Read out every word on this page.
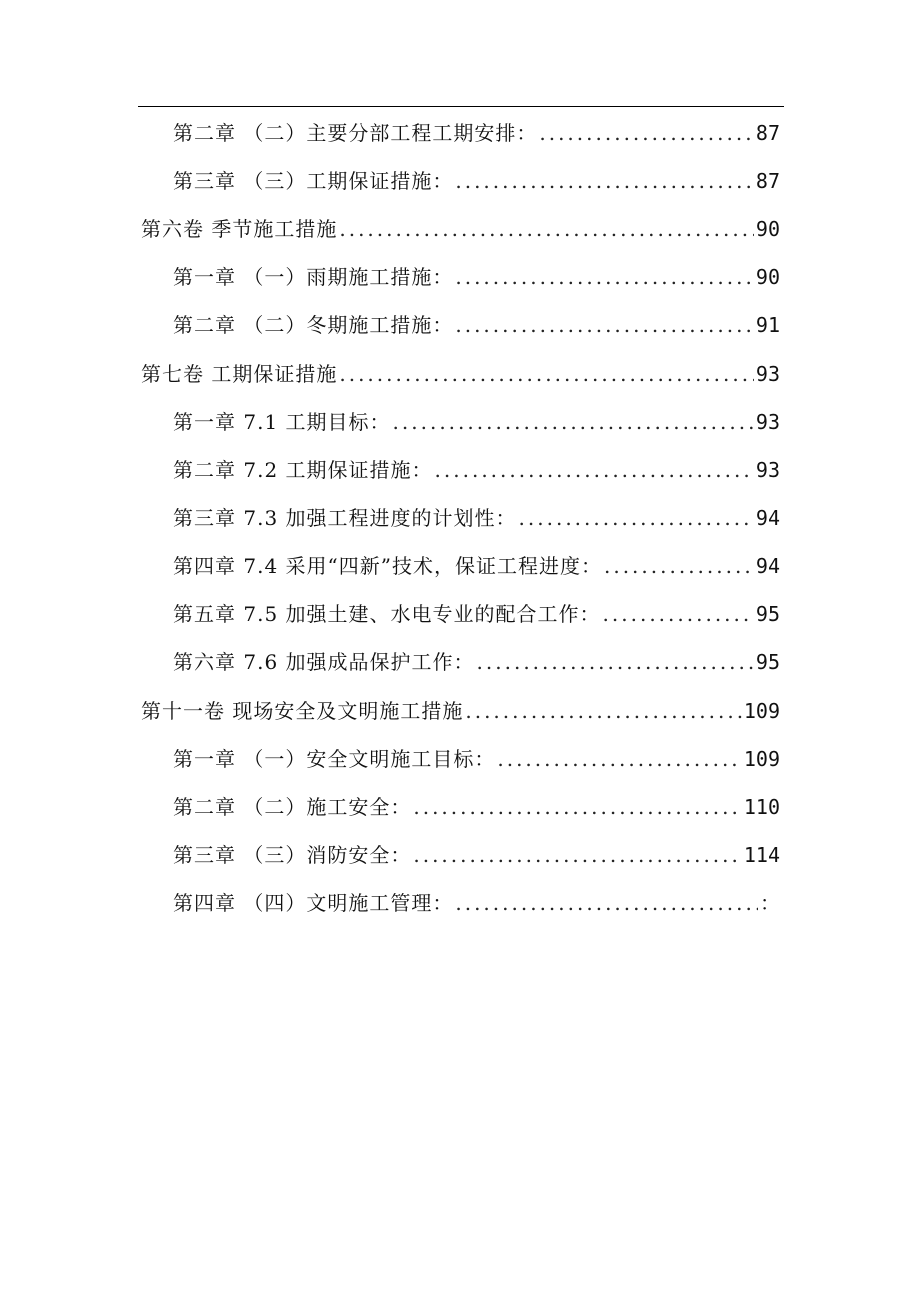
第二章 （二）主要分部工程工期安排： .....	87
第三章 （三）工期保证措施： .....	87
第六卷 季节施工措施 .....	90
第一章 （一）雨期施工措施： .....	90
第二章 （二）冬期施工措施： .....	91
第七卷 工期保证措施 .....	93
第一章 7.1 工期目标： .....	93
第二章 7.2 工期保证措施： .....	93
第三章 7.3 加强工程进度的计划性： .....	94
第四章 7.4 采用“四新”技术，保证工程进度： .....	94
第五章 7.5 加强土建、水电专业的配合工作： .....	95
第六章 7.6 加强成品保护工作： .....	95
第十一卷 现场安全及文明施工措施 .....	109
第一章 （一）安全文明施工目标： .....	109
第二章 （二）施工安全： .....	110
第三章 （三）消防安全： .....	114
第四章 （四）文明施工管理： .....	：
